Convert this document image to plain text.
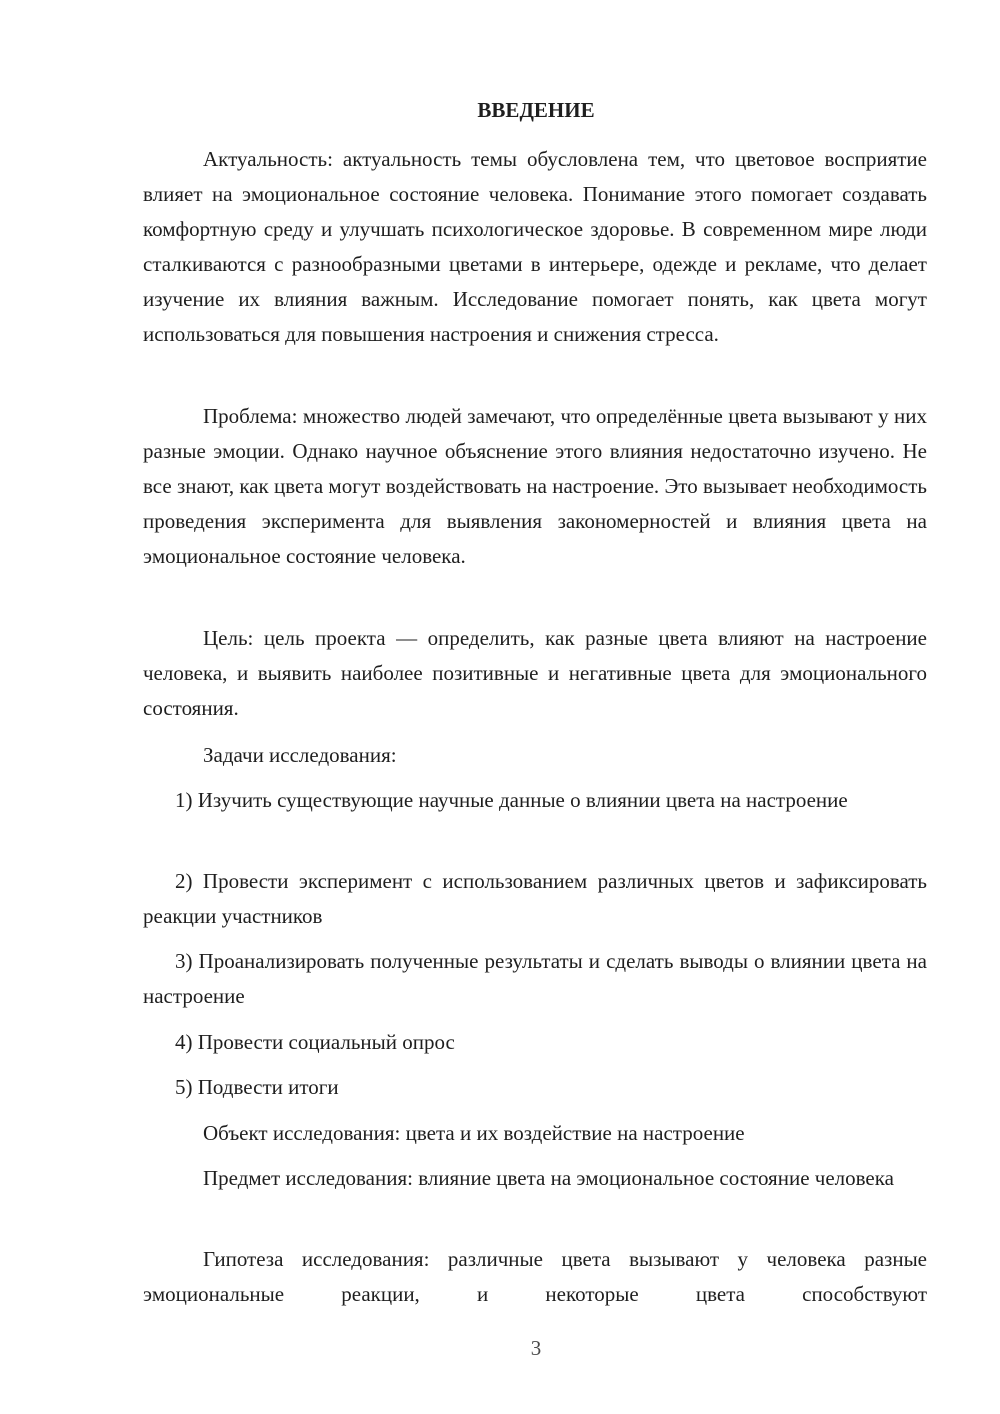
ВВЕДЕНИЕ

Актуальность: актуальность темы обусловлена тем, что цветовое восприятие влияет на эмоциональное состояние человека. Понимание этого помогает создавать комфортную среду и улучшать психологическое здоровье. В современном мире люди сталкиваются с разнообразными цветами в интерьере, одежде и рекламе, что делает изучение их влияния важным. Исследование помогает понять, как цвета могут использоваться для повышения настроения и снижения стресса.

Проблема: множество людей замечают, что определённые цвета вызывают у них разные эмоции. Однако научное объяснение этого влияния недостаточно изучено. Не все знают, как цвета могут воздействовать на настроение. Это вызывает необходимость проведения эксперимента для выявления закономерностей и влияния цвета на эмоциональное состояние человека.

Цель: цель проекта — определить, как разные цвета влияют на настроение человека, и выявить наиболее позитивные и негативные цвета для эмоционального состояния.

Задачи исследования:

1) Изучить существующие научные данные о влиянии цвета на настроение

2) Провести эксперимент с использованием различных цветов и зафиксировать реакции участников

3) Проанализировать полученные результаты и сделать выводы о влиянии цвета на настроение

4) Провести социальный опрос

5) Подвести итоги

Объект исследования: цвета и их воздействие на настроение

Предмет исследования: влияние цвета на эмоциональное состояние человека

Гипотеза исследования: различные цвета вызывают у человека разные эмоциональные реакции, и некоторые цвета способствуют

3
